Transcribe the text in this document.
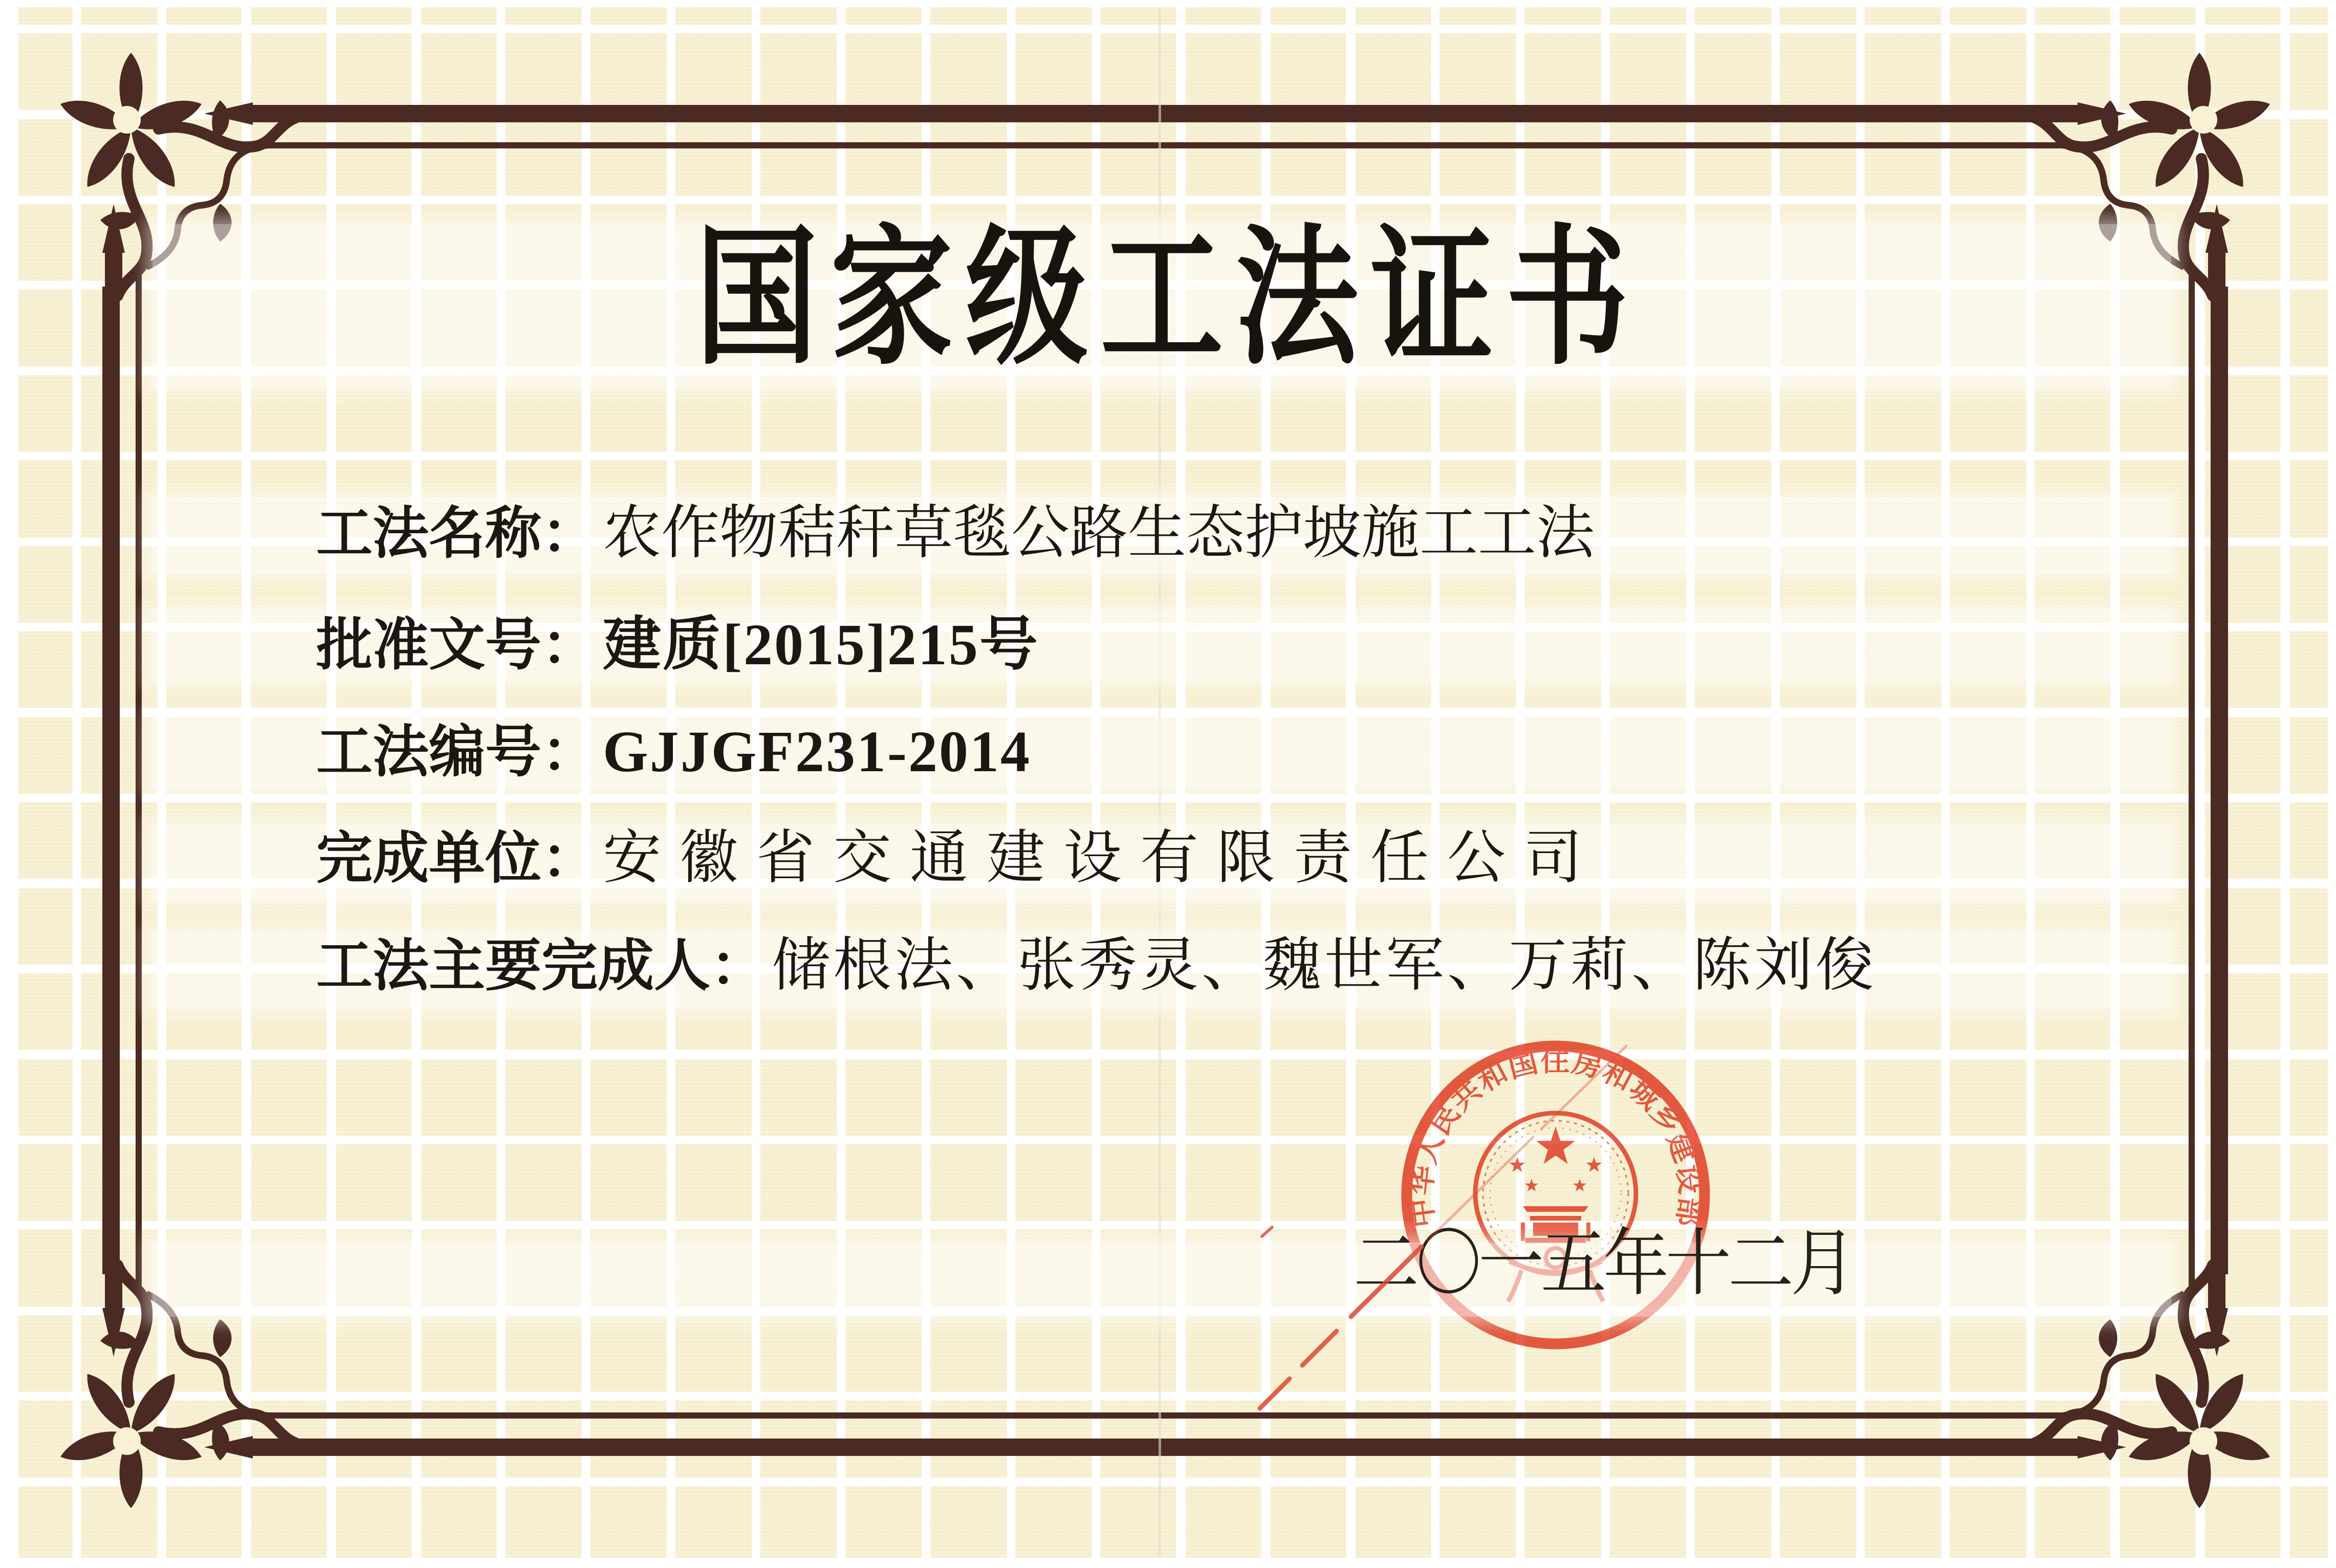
国家级工法证书
工法名称：农作物秸秆草毯公路生态护坡施工工法
批准文号：建质[2015]215号
工法编号：GJJGF231-2014
完成单位：安徽省交通建设有限责任公司
工法主要完成人：储根法、张秀灵、魏世军、万莉、陈刘俊
中华人民共和国住房和城乡建设部
二〇一五年十二月
